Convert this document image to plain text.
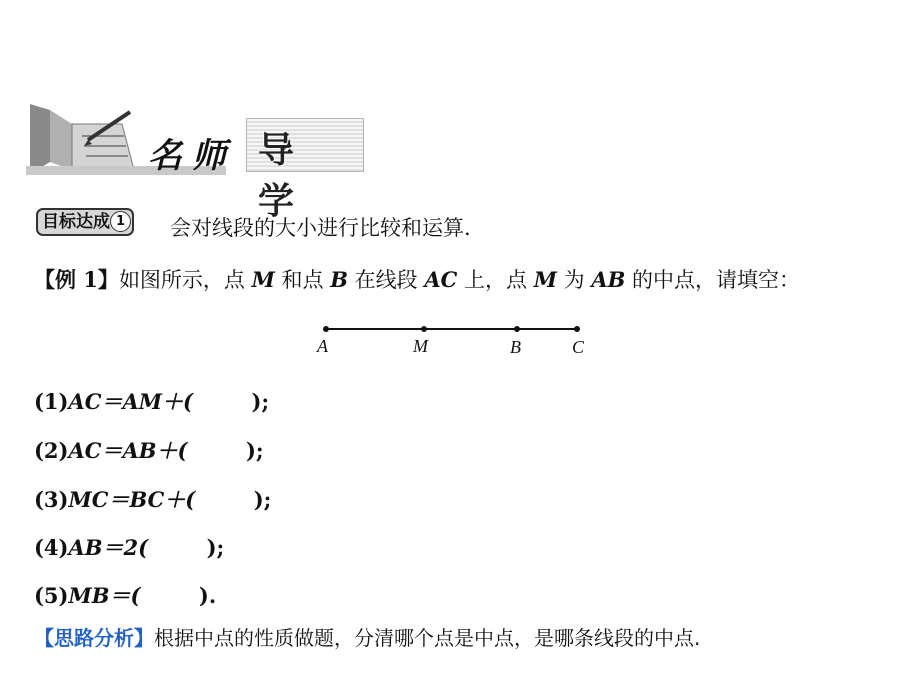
名师 导学
目标达成 1 会对线段的大小进行比较和运算.
【例 1】如图所示，点 M 和点 B 在线段 AC 上，点 M 为 AB 的中点，请填空：
A	M	B	C
(1)AC＝AM＋(	);
(2)AC＝AB＋(	);
(3)MC＝BC＋(	);
(4)AB＝2(	);
(5)MB＝(	).
【思路分析】根据中点的性质做题，分清哪个点是中点，是哪条线段的中点.
